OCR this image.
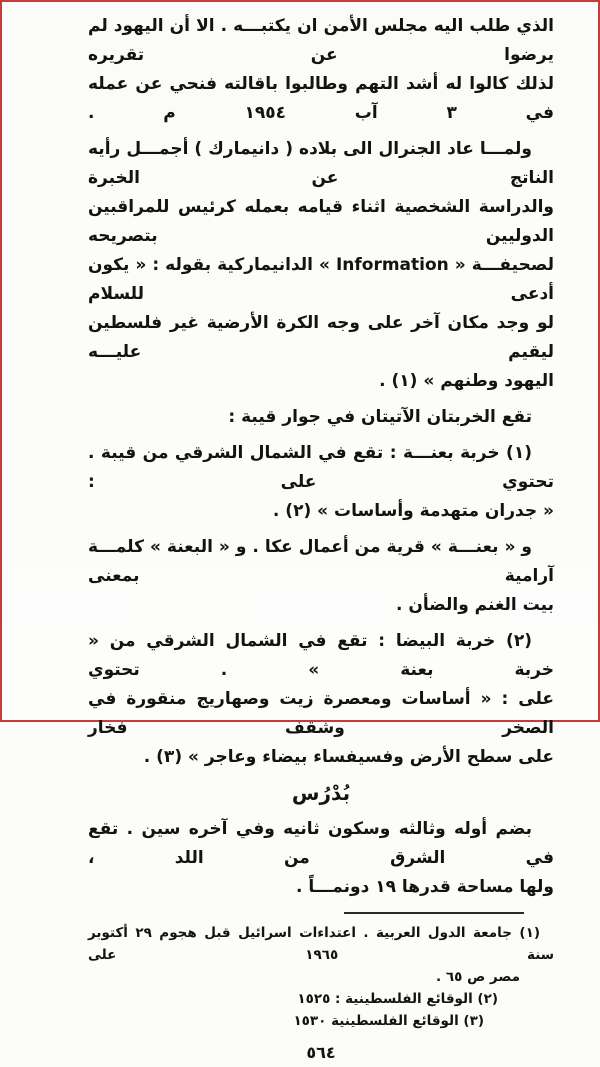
الذي طلب اليه مجلس الأمن ان يكتبـــه . الا أن اليهود لم يرضوا عن تقريره
لذلك كالوا له أشد التهم وطالبوا باقالته فنحي عن عمله في ٣ آب ١٩٥٤ م .

ولمـــا عاد الجنرال الى بلاده ( دانيمارك ) أجمـــل رأيه الناتج عن الخبرة
والدراسة الشخصية اثناء قيامه بعمله كرئيس للمراقبين الدوليين بتصريحه
لصحيفـــة « Information » الدانيماركية بقوله : « يكون أدعى للسلام
لو وجد مكان آخر على وجه الكرة الأرضية غير فلسطين ليقيم عليـــه
اليهود وطنهم » (١) .

تقع الخربتان الآتيتان في جوار قيبة :

(١) خربة بعنـــة : تقع في الشمال الشرقي من قيبة . تحتوي على :
« جدران متهدمة وأساسات » (٢) .

و « بعنـــة » قرية من أعمال عكا . و « البعنة » كلمـــة آرامية بمعنى
بيت الغنم والضأن .

(٢) خربة البيضا : تقع في الشمال الشرقي من « خربة بعنة » . تحتوي
على : « أساسات ومعصرة زيت وصهاريج منقورة في الصخر وشقف فخار
على سطح الأرض وفسيفساء بيضاء وعاجر » (٣) .

بُدْرُس

بضم أوله وثالثه وسكون ثانيه وفي آخره سين . تقع في الشرق من اللد ،
ولها مساحة قدرها ١٩ دونمـــاً .

(١) جامعة الدول العربية . اعتداءات اسرائيل قبل هجوم ٢٩ أكتوبر سنة ١٩٦٥ على
مصر ص ٦٥ .
(٢) الوقائع الفلسطينية : ١٥٢٥
(٣) الوقائع الفلسطينية ١٥٣٠
٥٦٤
